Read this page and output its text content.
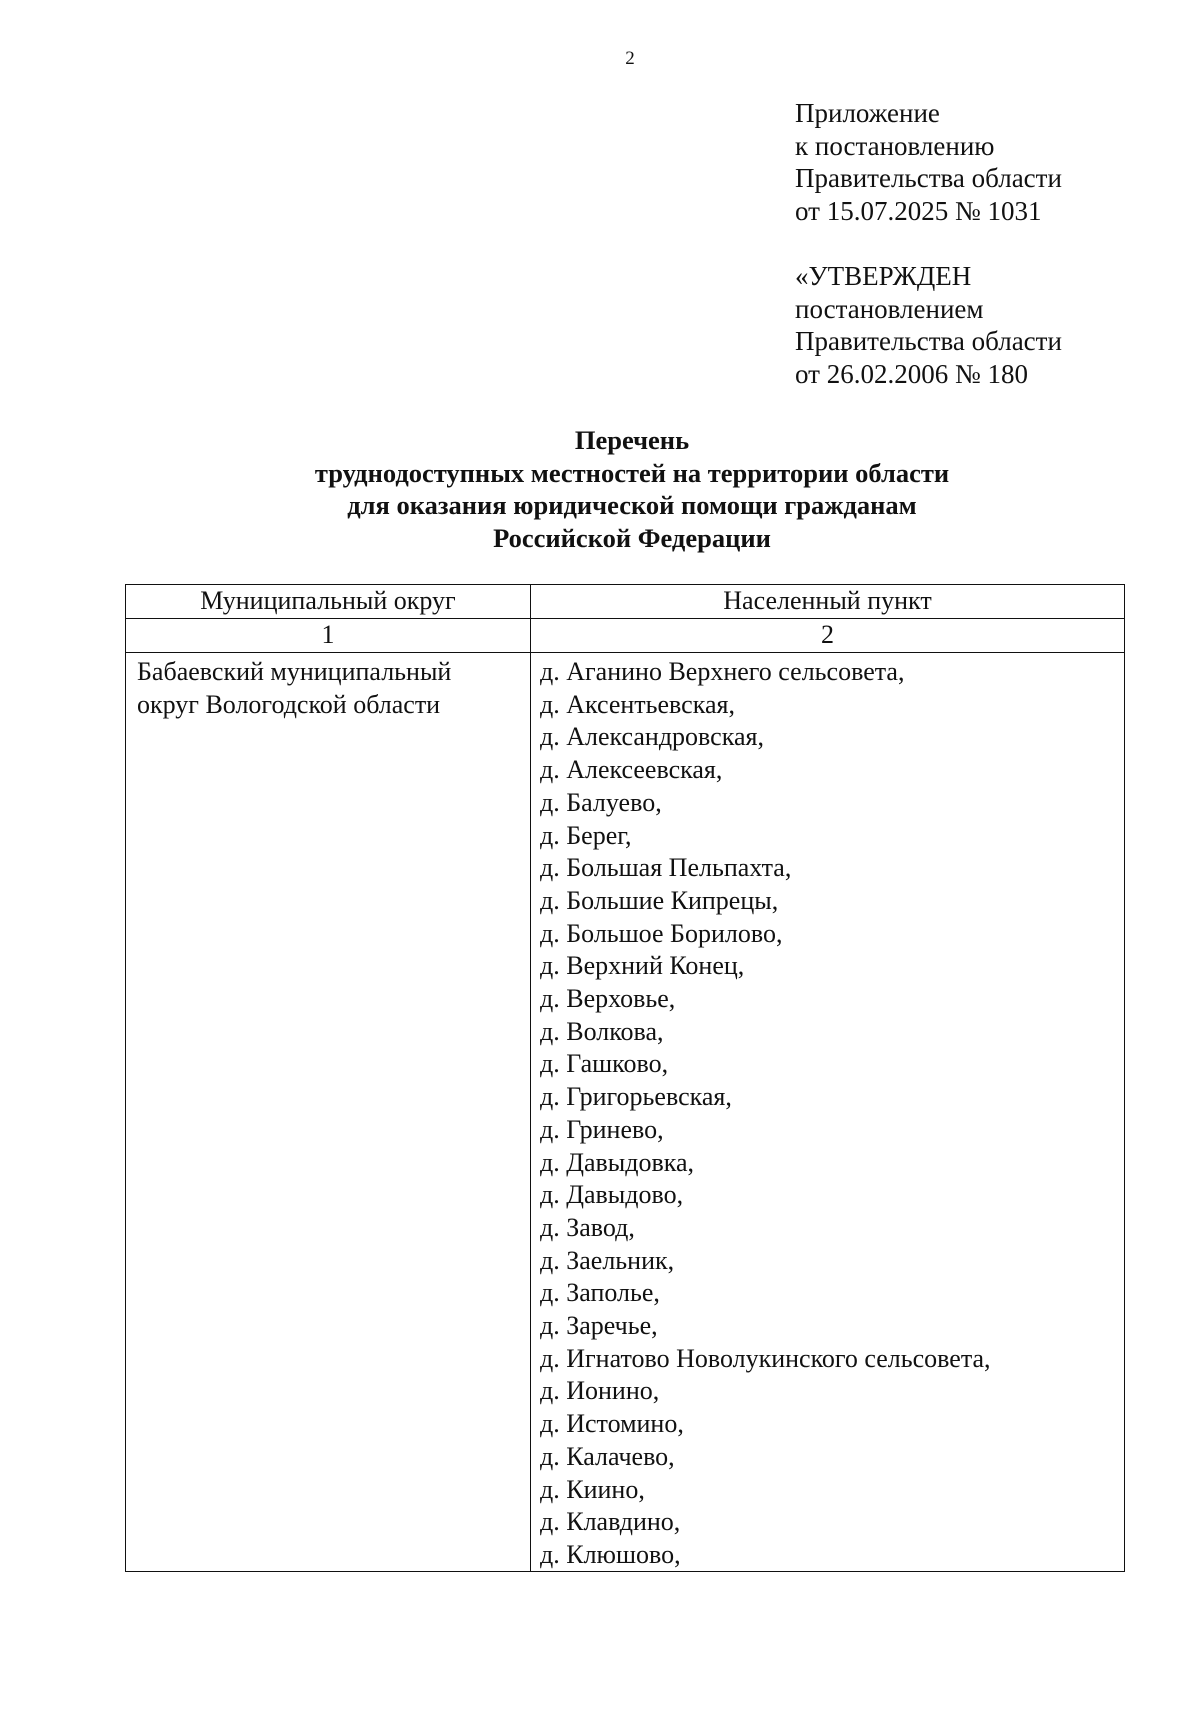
2
Приложение
к постановлению
Правительства области
от 15.07.2025 № 1031
«УТВЕРЖДЕН
постановлением
Правительства области
от 26.02.2006 № 180
Перечень
труднодоступных местностей на территории области
для оказания юридической помощи гражданам
Российской Федерации
Муниципальный округ	Населенный пункт
1	2
Бабаевский муниципальный
округ Вологодской области
д. Аганино Верхнего сельсовета,
д. Аксентьевская,
д. Александровская,
д. Алексеевская,
д. Балуево,
д. Берег,
д. Большая Пельпахта,
д. Большие Кипрецы,
д. Большое Борилово,
д. Верхний Конец,
д. Верховье,
д. Волкова,
д. Гашково,
д. Григорьевская,
д. Гринево,
д. Давыдовка,
д. Давыдово,
д. Завод,
д. Заельник,
д. Заполье,
д. Заречье,
д. Игнатово Новолукинского сельсовета,
д. Ионино,
д. Истомино,
д. Калачево,
д. Киино,
д. Клавдино,
д. Клюшово,
